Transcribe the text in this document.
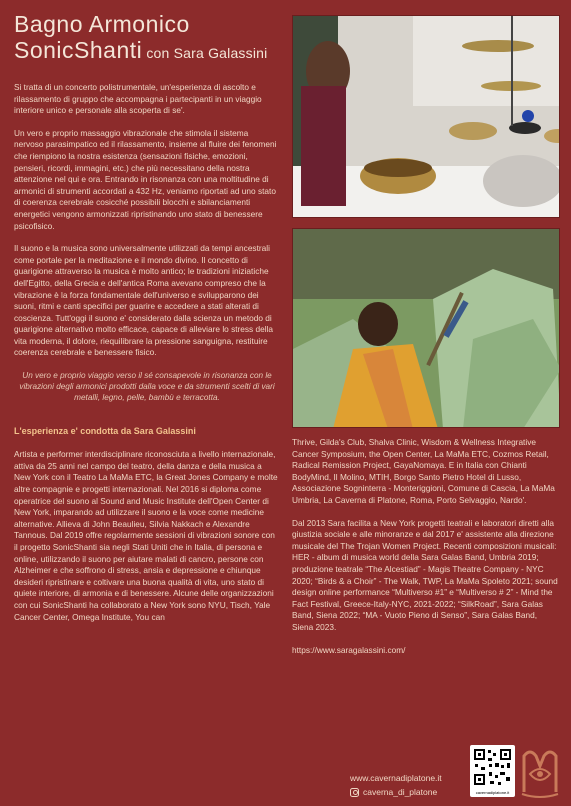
Bagno Armonico
SonicShanti con Sara Galassini

Si tratta di un concerto polistrumentale, un'esperienza di ascolto e rilassamento di gruppo che accompagna i partecipanti in un viaggio interiore unico e personale alla scoperta di se'.

Un vero e proprio massaggio vibrazionale che stimola il sistema nervoso parasimpatico ed il rilassamento, insieme al fluire dei fenomeni che riempiono la nostra esistenza (sensazioni fisiche, emozioni, pensieri, ricordi, immagini, etc.) che più necessitano della nostra attenzione nel qui e ora. Entrando in risonanza con una moltitudine di armonici di strumenti accordati a 432 Hz, veniamo riportati ad uno stato di coerenza cerebrale cosicché possibili blocchi e sbilanciamenti energetici vengono armonizzati ripristinando uno stato di benessere psicofisico.

Il suono e la musica sono universalmente utilizzati da tempi ancestrali come portale per la meditazione e il mondo divino. Il concetto di guarigione attraverso la musica è molto antico; le tradizioni iniziatiche dell'Egitto, della Grecia e dell'antica Roma avevano compreso che la vibrazione è la forza fondamentale dell'universo e svilupparono dei suoni, ritmi e canti specifici per guarire e accedere a stati alterati di coscienza. Tutt'oggi il suono e' considerato dalla scienza un metodo di guarigione alternativo molto efficace, capace di alleviare lo stress della vita moderna, il dolore, riequilibrare la pressione sanguigna, restituire coerenza cerebrale e benessere fisico.

Un vero e proprio viaggio verso il sé consapevole in risonanza con le vibrazioni degli armonici prodotti dalla voce e da strumenti scelti di vari metalli, legno, pelle, bambù e terracotta.

L'esperienza e' condotta da Sara Galassini

Artista e performer interdisciplinare riconosciuta a livello internazionale, attiva da 25 anni nel campo del teatro, della danza e della musica a New York con il Teatro La MaMa ETC, la Great Jones Company e molte altre compagnie e progetti internazionali. Nel 2016 si diploma come operatrice del suono al Sound and Music Institute dell'Open Center di New York, imparando ad utilizzare il suono e la voce come medicine alternative. Allieva di John Beaulieu, Silvia Nakkach e Alexandre Tannous. Dal 2019 offre regolarmente sessioni di vibrazioni sonore con il progetto SonicShanti sia negli Stati Uniti che in Italia, di persona e online, utilizzando il suono per aiutare malati di cancro, persone con Alzheimer e che soffrono di stress, ansia e depressione e chiunque desideri ripristinare e coltivare una buona qualità di vita, uno stato di quiete interiore, di armonia e di benessere. Alcune delle organizzazioni con cui SonicShanti ha collaborato a New York sono NYU, Tisch, Yale Cancer Center, Omega Institute, You can

Thrive, Gilda's Club, Shalva Clinic, Wisdom & Wellness Integrative Cancer Symposium, the Open Center, La MaMa ETC, Cozmos Retail, Radical Remission Project, GayaNomaya. E in Italia con Chianti BodyMind, Il Molino, MTIH, Borgo Santo Pietro Hotel di Lusso, Associazione Sogninterra - Monteriggioni, Comune di Cascia, La MaMa Umbria, La Caverna di Platone, Roma, Porto Selvaggio, Nardo'.

Dal 2013 Sara facilita a New York progetti teatrali e laboratori diretti alla giustizia sociale e alle minoranze e dal 2017 e' assistente alla direzione musicale del The Trojan Women Project. Recenti composizioni musicali: HER - album di musica world della Sara Galas Band, Umbria 2019; produzione teatrale “The Alcestiad” - Magis Theatre Company - NYC 2020; “Birds & a Choir” - The Walk, TWP, La MaMa Spoleto 2021; sound design online performance “Multiverso #1” e “Multiverso # 2” - Mind the Fact Festival, Greece-Italy-NYC, 2021-2022; “SilkRoad”, Sara Galas Band, Siena 2022; “MA - Vuoto Pieno di Senso”, Sara Galas Band, Siena 2023.

https://www.saragalassini.com/

www.cavernadiplatone.it
caverna_di_platone	cavernadiplatone.it
